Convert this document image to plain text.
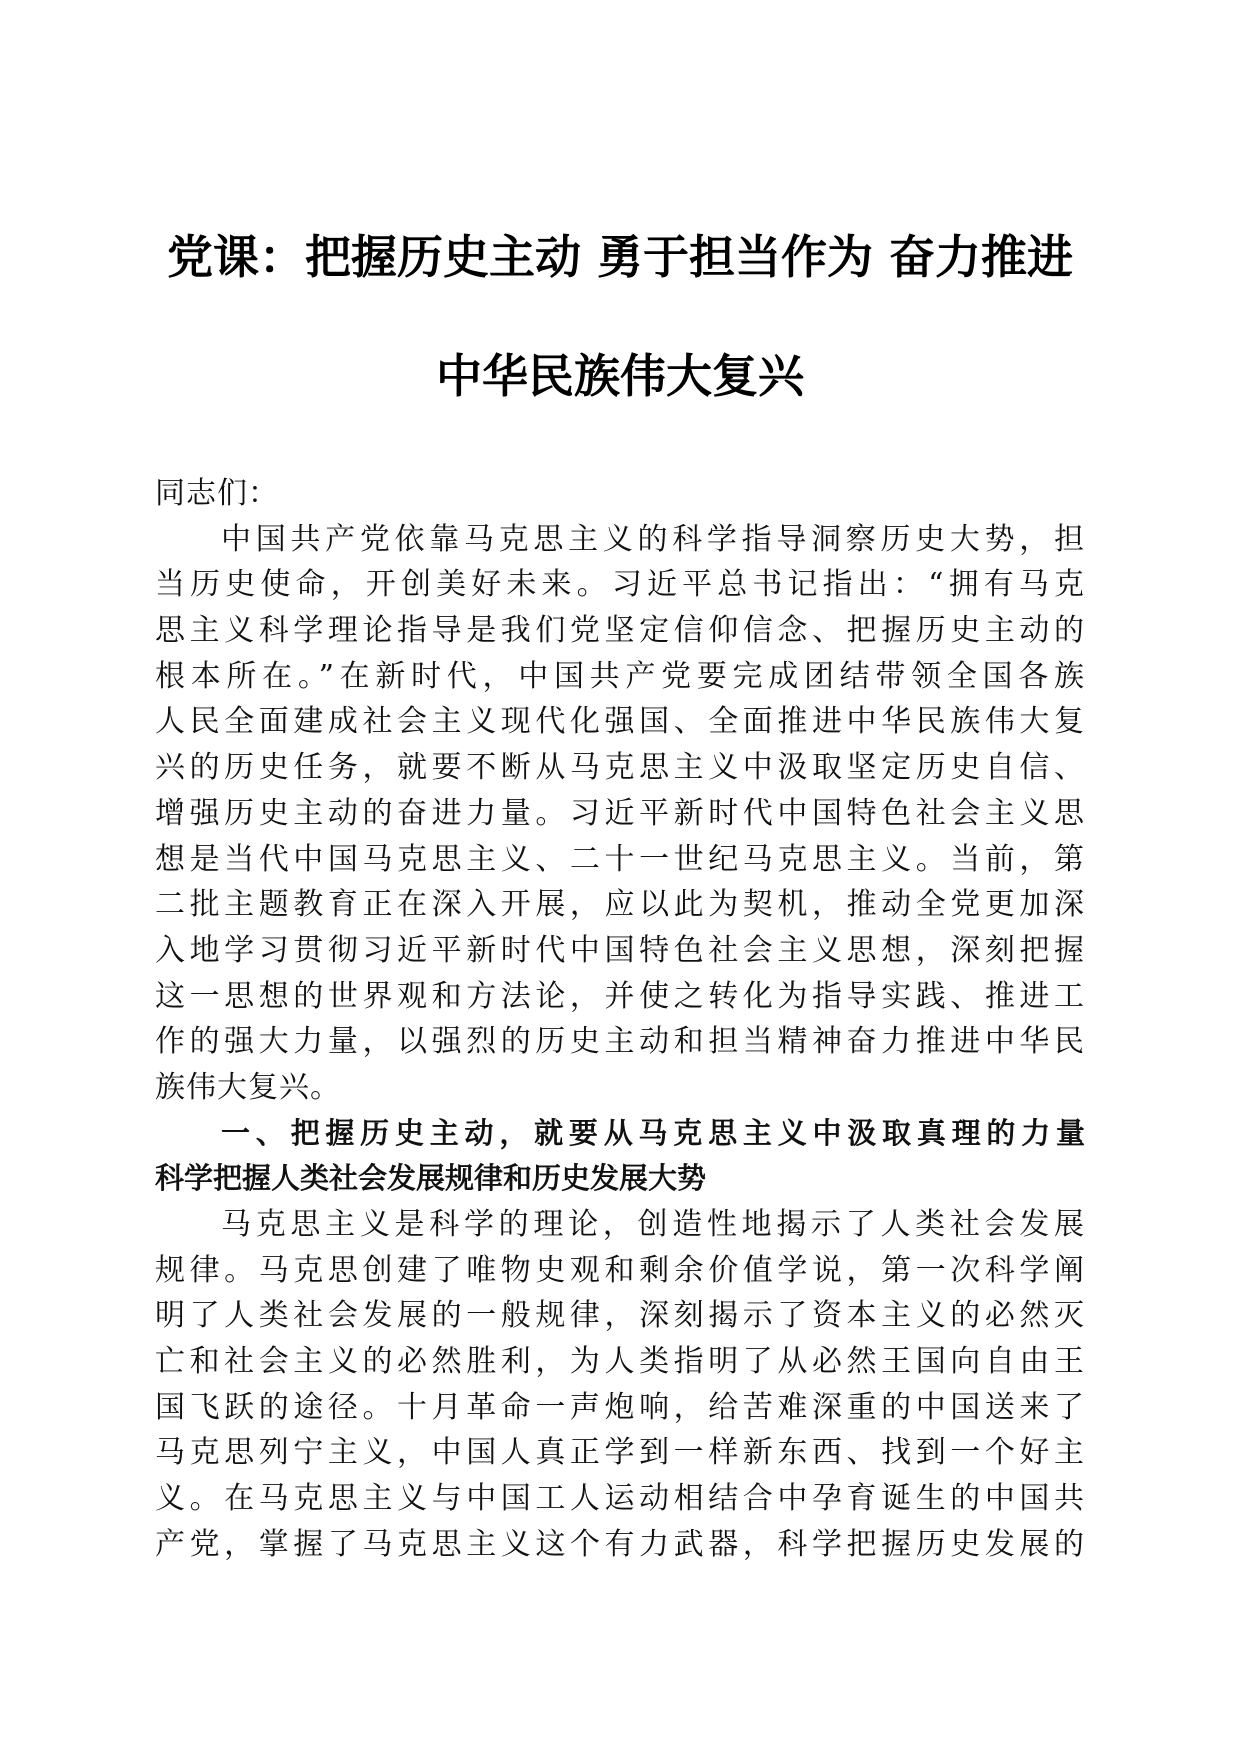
党课：把握历史主动 勇于担当作为 奋力推进
中华民族伟大复兴
同志们：
中国共产党依靠马克思主义的科学指导洞察历史大势，担
当历史使命，开创美好未来。习近平总书记指出：“拥有马克
思主义科学理论指导是我们党坚定信仰信念、把握历史主动的
根本所在。”在新时代，中国共产党要完成团结带领全国各族
人民全面建成社会主义现代化强国、全面推进中华民族伟大复
兴的历史任务，就要不断从马克思主义中汲取坚定历史自信、
增强历史主动的奋进力量。习近平新时代中国特色社会主义思
想是当代中国马克思主义、二十一世纪马克思主义。当前，第
二批主题教育正在深入开展，应以此为契机，推动全党更加深
入地学习贯彻习近平新时代中国特色社会主义思想，深刻把握
这一思想的世界观和方法论，并使之转化为指导实践、推进工
作的强大力量，以强烈的历史主动和担当精神奋力推进中华民
族伟大复兴。
一、把握历史主动，就要从马克思主义中汲取真理的力量
科学把握人类社会发展规律和历史发展大势
马克思主义是科学的理论，创造性地揭示了人类社会发展
规律。马克思创建了唯物史观和剩余价值学说，第一次科学阐
明了人类社会发展的一般规律，深刻揭示了资本主义的必然灭
亡和社会主义的必然胜利，为人类指明了从必然王国向自由王
国飞跃的途径。十月革命一声炮响，给苦难深重的中国送来了
马克思列宁主义，中国人真正学到一样新东西、找到一个好主
义。在马克思主义与中国工人运动相结合中孕育诞生的中国共
产党，掌握了马克思主义这个有力武器，科学把握历史发展的
